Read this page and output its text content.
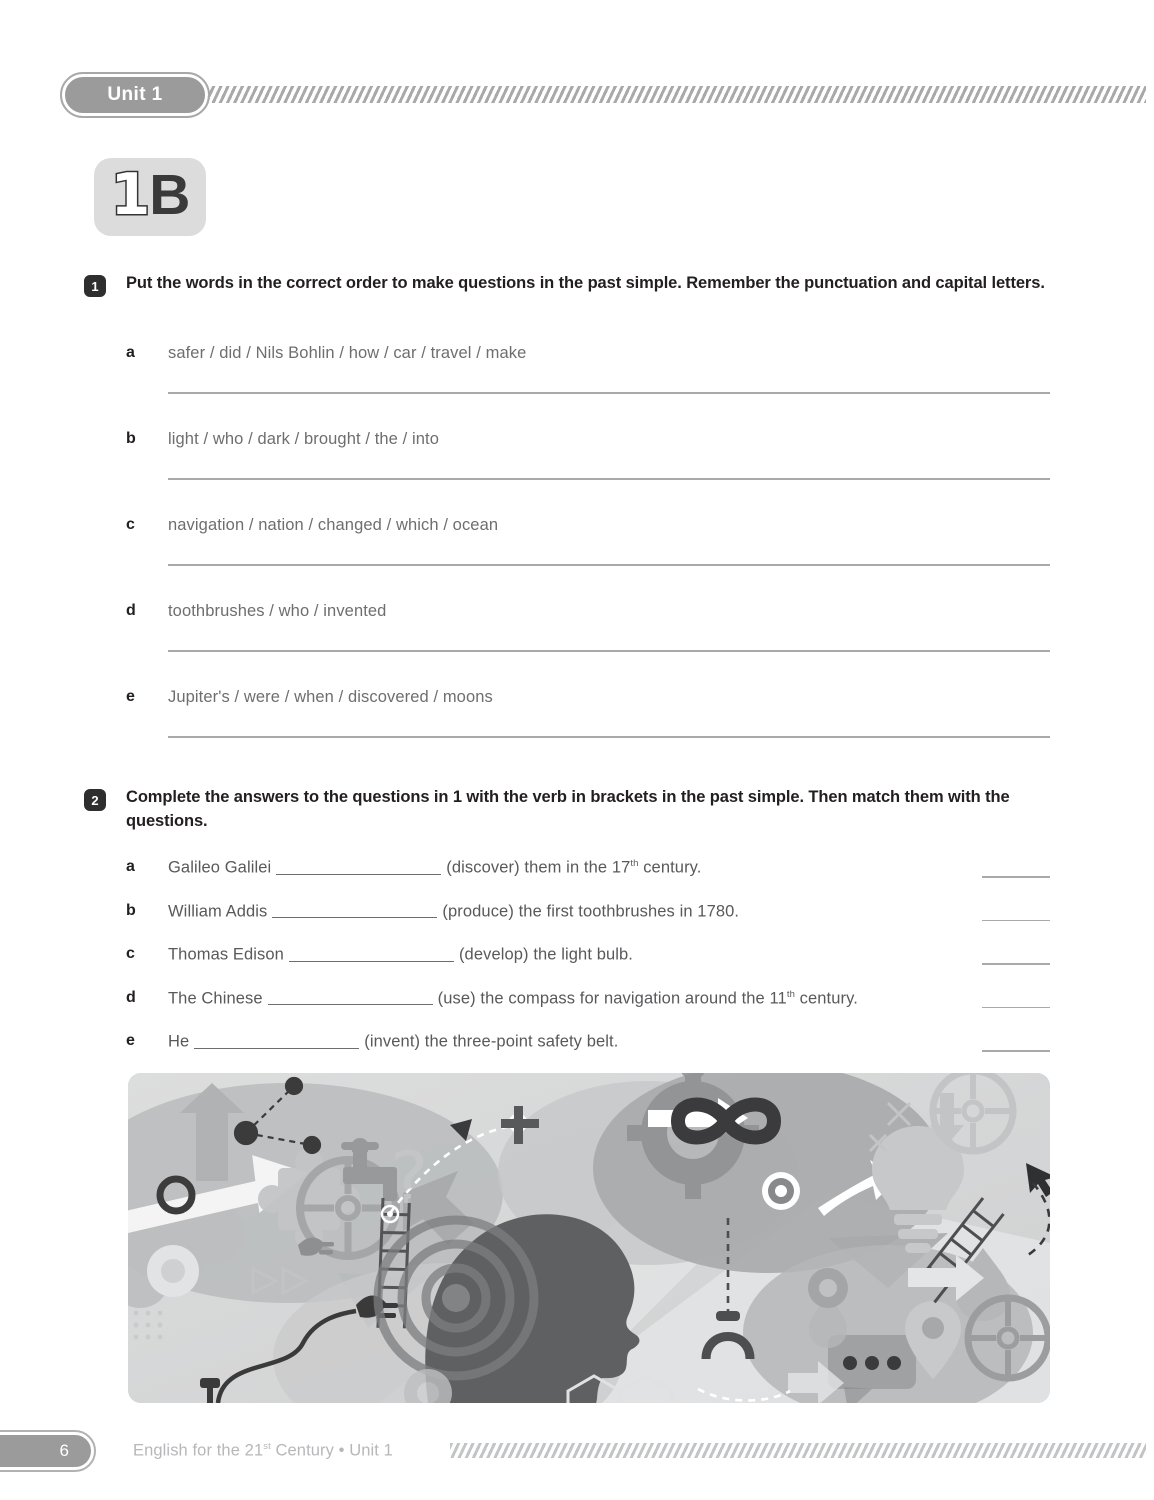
Unit 1
1B
1	Put the words in the correct order to make questions in the past simple. Remember the punctuation and capital letters.
a safer / did / Nils Bohlin / how / car / travel / make
b light / who / dark / brought / the / into
c navigation / nation / changed / which / ocean
d toothbrushes / who / invented
e Jupiter's / were / when / discovered / moons
2	Complete the answers to the questions in 1 with the verb in brackets in the past simple. Then match them with the questions.
a Galileo Galilei	(discover) them in the 17th century.
b William Addis	(produce) the first toothbrushes in 1780.
c Thomas Edison	(develop) the light bulb.
d The Chinese	(use) the compass for navigation around the 11th century.
e He	(invent) the three-point safety belt.
?
6	English for the 21st Century • Unit 1
